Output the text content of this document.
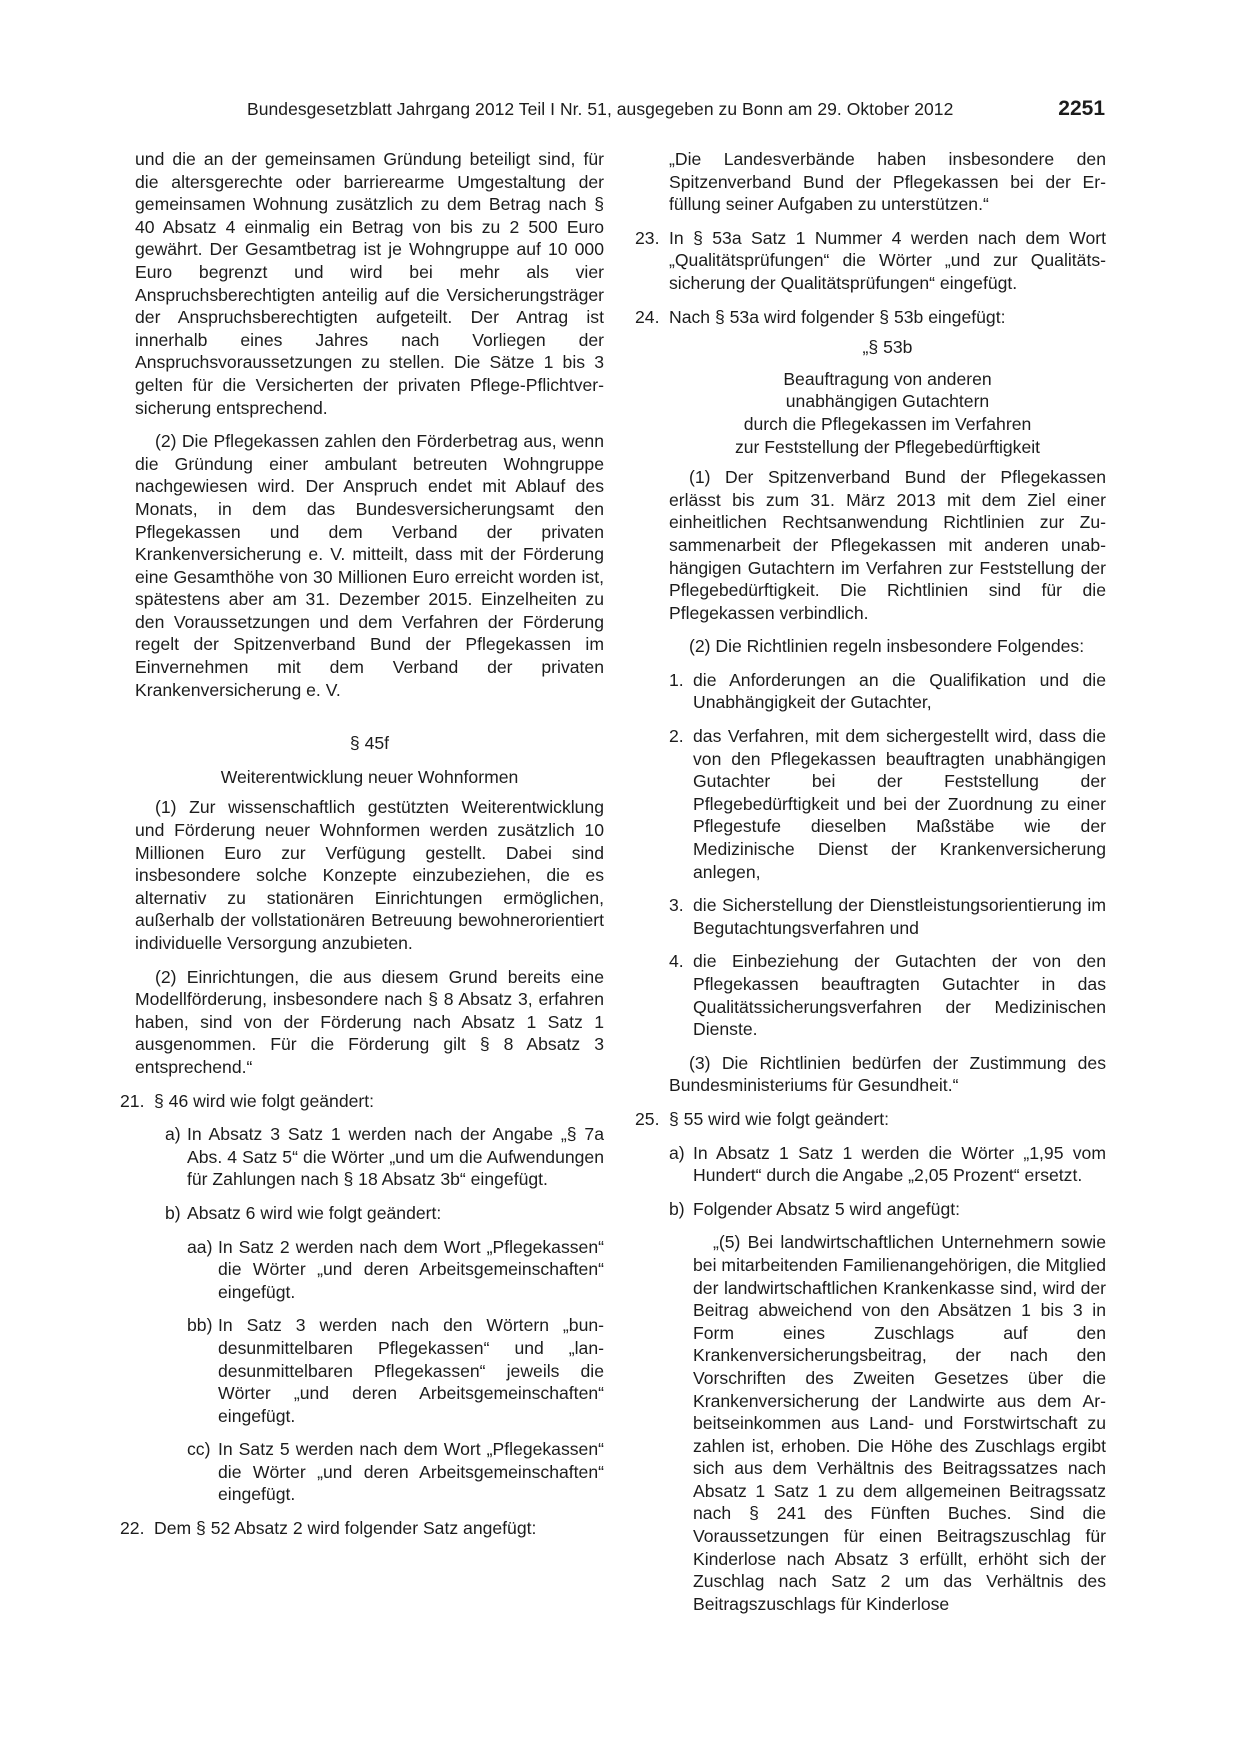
Bundesgesetzblatt Jahrgang 2012 Teil I Nr. 51, ausgegeben zu Bonn am 29. Oktober 2012	2251

und die an der gemeinsamen Gründung beteiligt sind, für die altersgerechte oder barrierearme Umgestaltung der gemeinsamen Wohnung zusätzlich zu dem Betrag nach § 40 Absatz 4 einmalig ein Betrag von bis zu 2 500 Euro gewährt. Der Gesamtbetrag ist je Wohngruppe auf 10 000 Euro begrenzt und wird bei mehr als vier Anspruchsberechtigten anteilig auf die Versicherungsträger der Anspruchsberechtigten aufgeteilt. Der Antrag ist innerhalb eines Jahres nach Vorliegen der Anspruchsvoraussetzungen zu stellen. Die Sätze 1 bis 3 gelten für die Versicherten der privaten Pflege-Pflichtversicherung entsprechend.

(2) Die Pflegekassen zahlen den Förderbetrag aus, wenn die Gründung einer ambulant betreuten Wohngruppe nachgewiesen wird. Der Anspruch endet mit Ablauf des Monats, in dem das Bundesversicherungsamt den Pflegekassen und dem Verband der privaten Krankenversicherung e. V. mitteilt, dass mit der Förderung eine Gesamthöhe von 30 Millionen Euro erreicht worden ist, spätestens aber am 31. Dezember 2015. Einzelheiten zu den Voraussetzungen und dem Verfahren der Förderung regelt der Spitzenverband Bund der Pflegekassen im Einvernehmen mit dem Verband der privaten Krankenversicherung e. V.

§ 45f

Weiterentwicklung neuer Wohnformen

(1) Zur wissenschaftlich gestützten Weiterentwicklung und Förderung neuer Wohnformen werden zusätzlich 10 Millionen Euro zur Verfügung gestellt. Dabei sind insbesondere solche Konzepte einzubeziehen, die es alternativ zu stationären Einrichtungen ermöglichen, außerhalb der vollstationären Betreuung bewohnerorientiert individuelle Versorgung anzubieten.

(2) Einrichtungen, die aus diesem Grund bereits eine Modellförderung, insbesondere nach § 8 Absatz 3, erfahren haben, sind von der Förderung nach Absatz 1 Satz 1 ausgenommen. Für die Förderung gilt § 8 Absatz 3 entsprechend.“

21. § 46 wird wie folgt geändert:
a) In Absatz 3 Satz 1 werden nach der Angabe „§ 7a Abs. 4 Satz 5“ die Wörter „und um die Aufwendungen für Zahlungen nach § 18 Absatz 3b“ eingefügt.
b) Absatz 6 wird wie folgt geändert:
aa) In Satz 2 werden nach dem Wort „Pflegekassen“ die Wörter „und deren Arbeitsgemeinschaften“ eingefügt.
bb) In Satz 3 werden nach den Wörtern „bundesunmittelbaren Pflegekassen“ und „landesunmittelbaren Pflegekassen“ jeweils die Wörter „und deren Arbeitsgemeinschaften“ eingefügt.
cc) In Satz 5 werden nach dem Wort „Pflegekassen“ die Wörter „und deren Arbeitsgemeinschaften“ eingefügt.
22. Dem § 52 Absatz 2 wird folgender Satz angefügt:

„Die Landesverbände haben insbesondere den Spitzenverband Bund der Pflegekassen bei der Erfüllung seiner Aufgaben zu unterstützen.“

23. In § 53a Satz 1 Nummer 4 werden nach dem Wort „Qualitätsprüfungen“ die Wörter „und zur Qualitätssicherung der Qualitätsprüfungen“ eingefügt.
24. Nach § 53a wird folgender § 53b eingefügt:

„§ 53b

Beauftragung von anderen

unabhängigen Gutachtern

durch die Pflegekassen im Verfahren

zur Feststellung der Pflegebedürftigkeit

(1) Der Spitzenverband Bund der Pflegekassen erlässt bis zum 31. März 2013 mit dem Ziel einer einheitlichen Rechtsanwendung Richtlinien zur Zusammenarbeit der Pflegekassen mit anderen unabhängigen Gutachtern im Verfahren zur Feststellung der Pflegebedürftigkeit. Die Richtlinien sind für die Pflegekassen verbindlich.

(2) Die Richtlinien regeln insbesondere Folgendes:

1. die Anforderungen an die Qualifikation und die Unabhängigkeit der Gutachter,
2. das Verfahren, mit dem sichergestellt wird, dass die von den Pflegekassen beauftragten unabhängigen Gutachter bei der Feststellung der Pflegebedürftigkeit und bei der Zuordnung zu einer Pflegestufe dieselben Maßstäbe wie der Medizinische Dienst der Krankenversicherung anlegen,
3. die Sicherstellung der Dienstleistungsorientierung im Begutachtungsverfahren und
4. die Einbeziehung der Gutachten der von den Pflegekassen beauftragten Gutachter in das Qualitätssicherungsverfahren der Medizinischen Dienste.

(3) Die Richtlinien bedürfen der Zustimmung des Bundesministeriums für Gesundheit.“

25. § 55 wird wie folgt geändert:
a) In Absatz 1 Satz 1 werden die Wörter „1,95 vom Hundert“ durch die Angabe „2,05 Prozent“ ersetzt.
b) Folgender Absatz 5 wird angefügt:

„(5) Bei landwirtschaftlichen Unternehmern sowie bei mitarbeitenden Familienangehörigen, die Mitglied der landwirtschaftlichen Krankenkasse sind, wird der Beitrag abweichend von den Absätzen 1 bis 3 in Form eines Zuschlags auf den Krankenversicherungsbeitrag, der nach den Vorschriften des Zweiten Gesetzes über die Krankenversicherung der Landwirte aus dem Arbeitseinkommen aus Land- und Forstwirtschaft zu zahlen ist, erhoben. Die Höhe des Zuschlags ergibt sich aus dem Verhältnis des Beitragssatzes nach Absatz 1 Satz 1 zu dem allgemeinen Beitragssatz nach § 241 des Fünften Buches. Sind die Voraussetzungen für einen Beitragszuschlag für Kinderlose nach Absatz 3 erfüllt, erhöht sich der Zuschlag nach Satz 2 um das Verhältnis des Beitragszuschlags für Kinderlose
